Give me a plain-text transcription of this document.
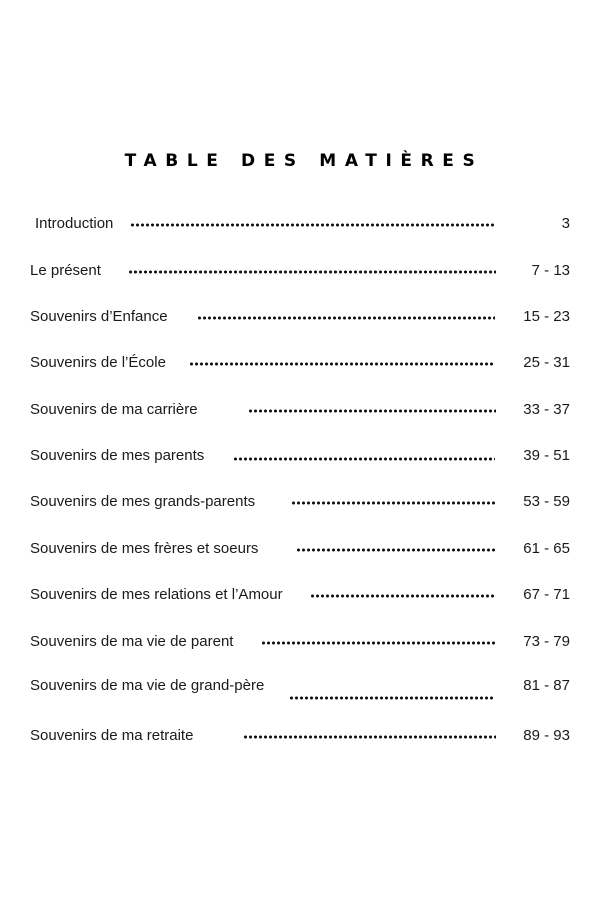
TABLE DES MATIÈRES
Introduction	3
Le présent	7 - 13
Souvenirs d’Enfance	15 - 23
Souvenirs de l’École	25 - 31
Souvenirs de ma carrière	33 - 37
Souvenirs de mes parents	39 - 51
Souvenirs de mes grands-parents	53 - 59
Souvenirs de mes frères et soeurs	61 - 65
Souvenirs de mes relations et l’Amour	67 - 71
Souvenirs de ma vie de parent	73 - 79
Souvenirs de ma vie de grand-père	81 - 87
Souvenirs de ma retraite	89 - 93
